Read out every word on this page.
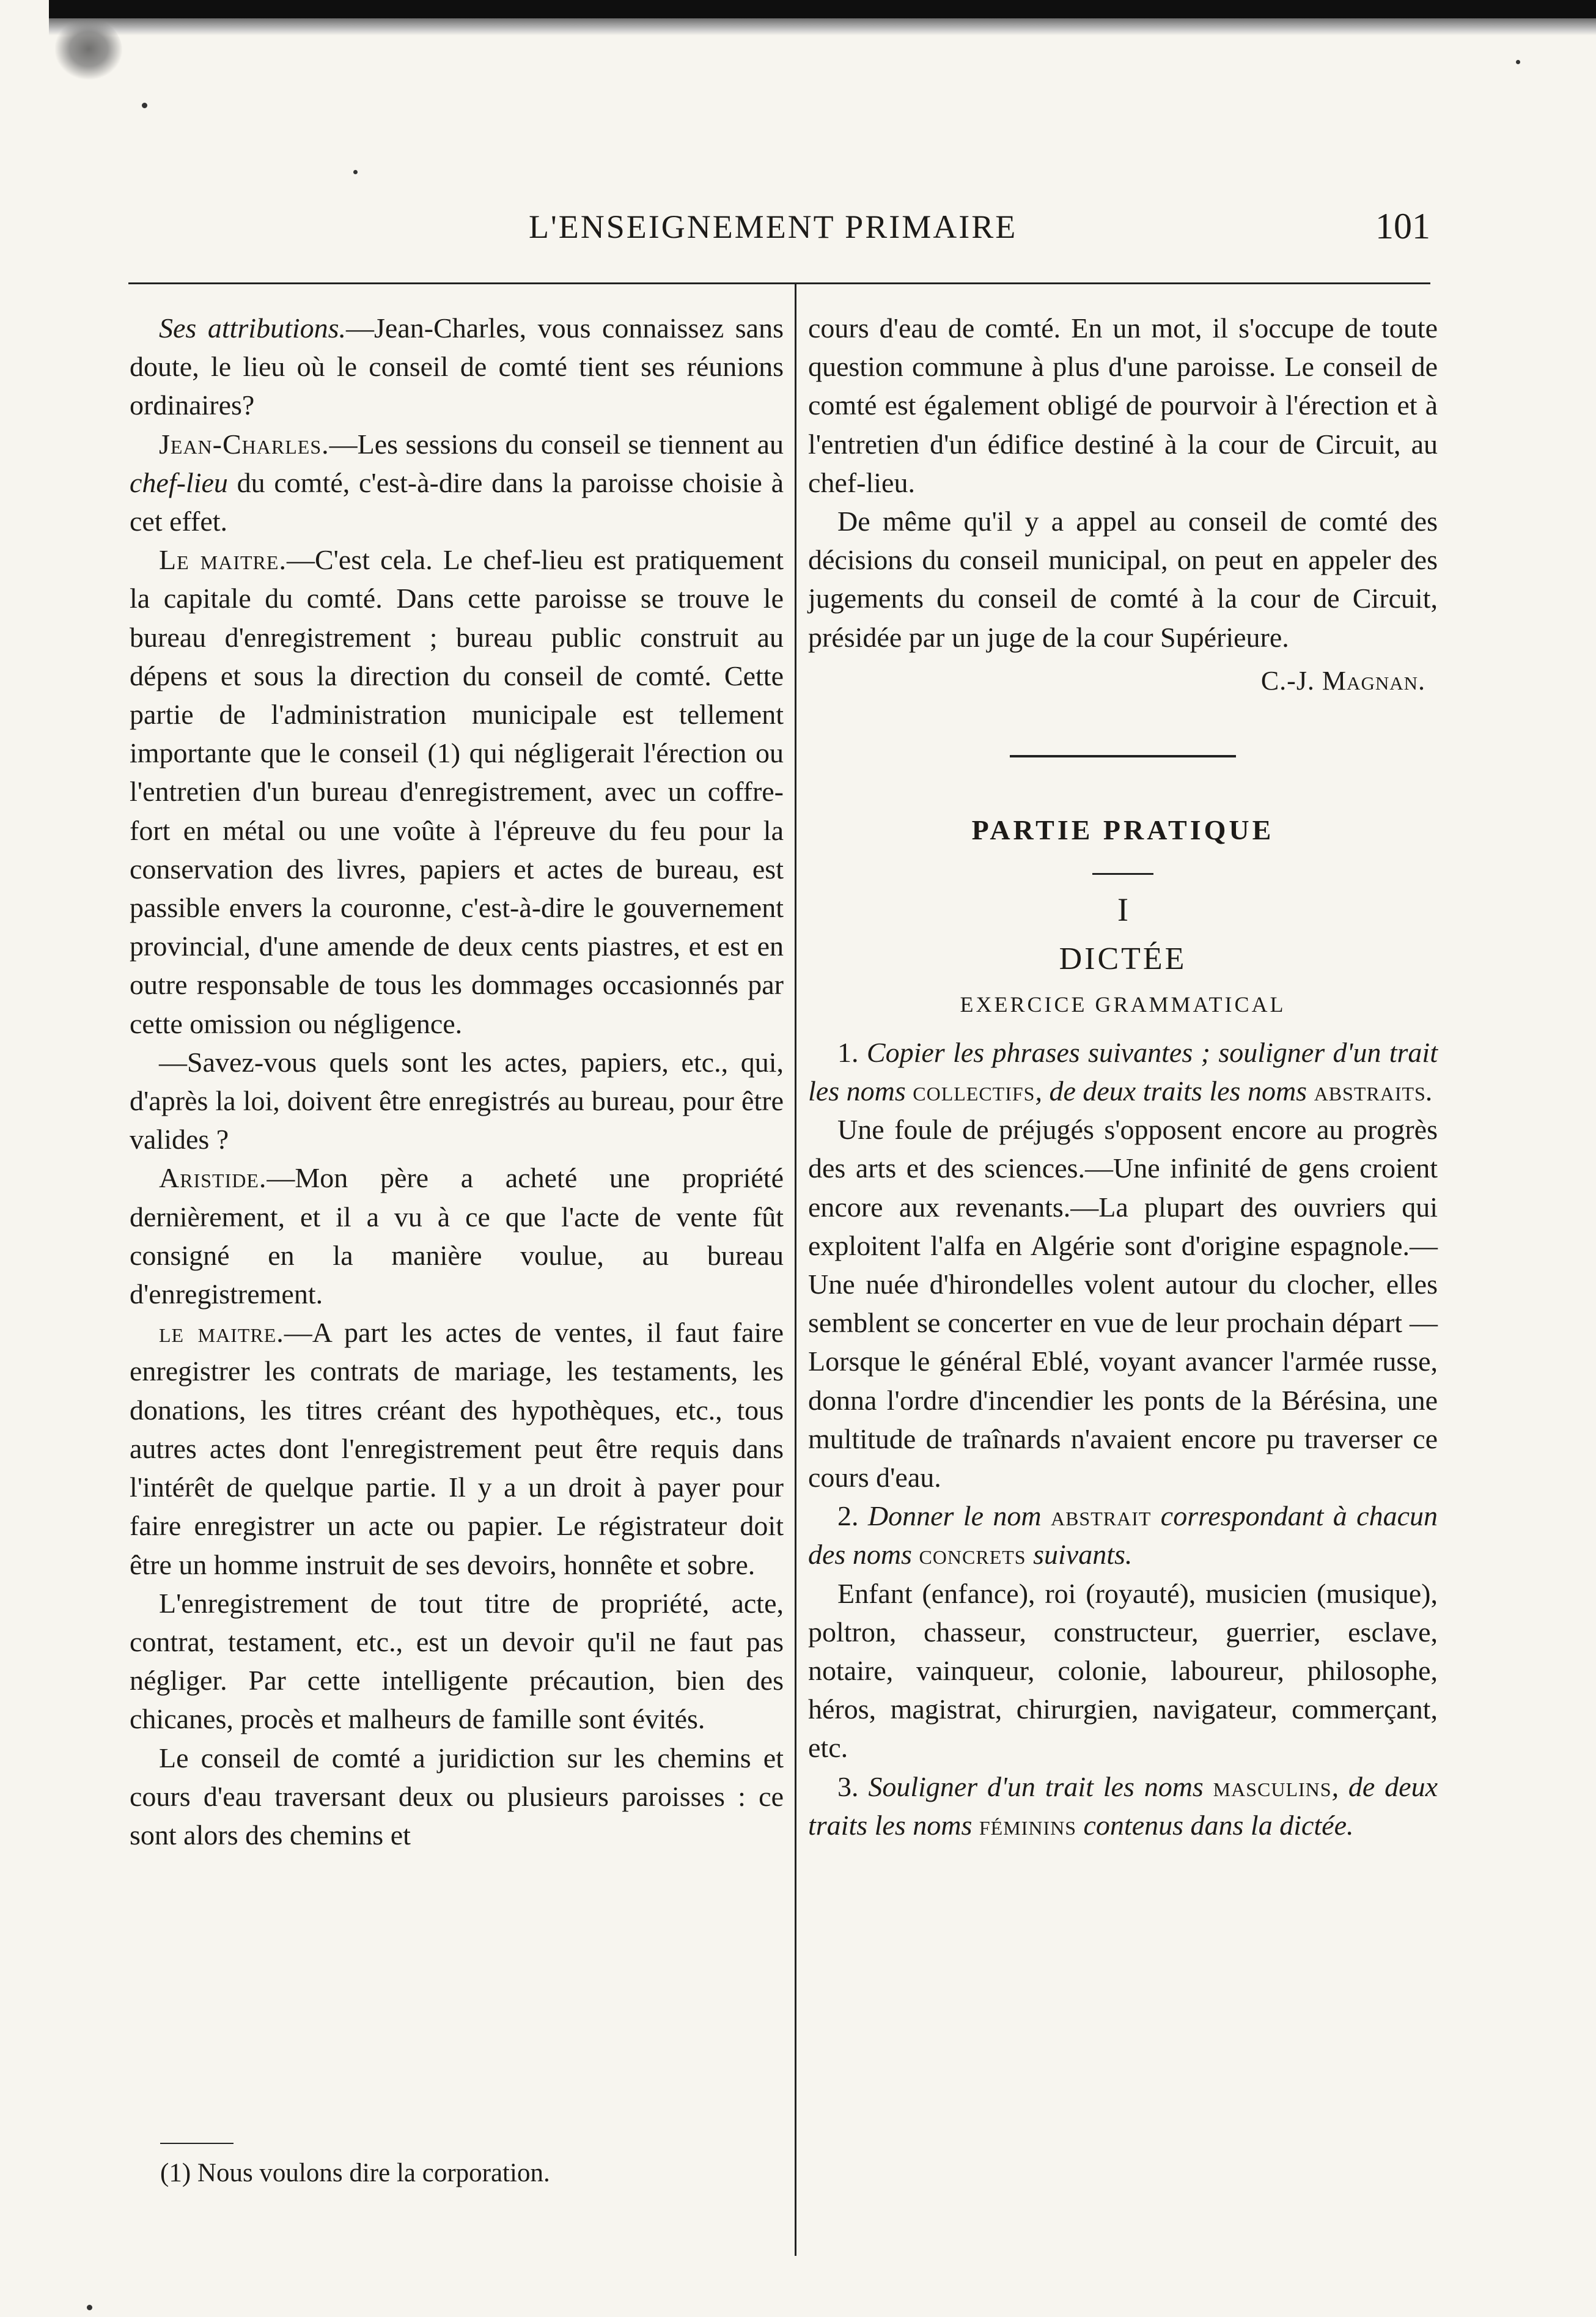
L'ENSEIGNEMENT PRIMAIRE	101

Ses attributions.—Jean-Charles, vous connaissez sans doute, le lieu où le conseil de comté tient ses réunions ordinaires?

Jean-Charles.—Les sessions du conseil se tiennent au chef-lieu du comté, c'est-à-dire dans la paroisse choisie à cet effet.

Le maitre.—C'est cela. Le chef-lieu est pratiquement la capitale du comté. Dans cette paroisse se trouve le bureau d'enregistrement ; bureau public construit au dépens et sous la direction du conseil de comté. Cette partie de l'administration municipale est tellement importante que le conseil (1) qui négligerait l'érection ou l'entretien d'un bureau d'enregistrement, avec un coffre-fort en métal ou une voûte à l'épreuve du feu pour la conservation des livres, papiers et actes de bureau, est passible envers la couronne, c'est-à-dire le gouvernement provincial, d'une amende de deux cents piastres, et est en outre responsable de tous les dommages occasionnés par cette omission ou négligence.

—Savez-vous quels sont les actes, papiers, etc., qui, d'après la loi, doivent être enregistrés au bureau, pour être valides ?

Aristide.—Mon père a acheté une propriété dernièrement, et il a vu à ce que l'acte de vente fût consigné en la manière voulue, au bureau d'enregistrement.

le maitre.—A part les actes de ventes, il faut faire enregistrer les contrats de mariage, les testaments, les donations, les titres créant des hypothèques, etc., tous autres actes dont l'enregistrement peut être requis dans l'intérêt de quelque partie. Il y a un droit à payer pour faire enregistrer un acte ou papier. Le régistrateur doit être un homme instruit de ses devoirs, honnête et sobre.

L'enregistrement de tout titre de propriété, acte, contrat, testament, etc., est un devoir qu'il ne faut pas négliger. Par cette intelligente précaution, bien des chicanes, procès et malheurs de famille sont évités.

Le conseil de comté a juridiction sur les chemins et cours d'eau traversant deux ou plusieurs paroisses : ce sont alors des chemins et

(1) Nous voulons dire la corporation.

cours d'eau de comté. En un mot, il s'occupe de toute question commune à plus d'une paroisse. Le conseil de comté est également obligé de pourvoir à l'érection et à l'entretien d'un édifice destiné à la cour de Circuit, au chef-lieu.

De même qu'il y a appel au conseil de comté des décisions du conseil municipal, on peut en appeler des jugements du conseil de comté à la cour de Circuit, présidée par un juge de la cour Supérieure.

C.-J. Magnan.
PARTIE PRATIQUE
I
DICTÉE
EXERCICE GRAMMATICAL

1. Copier les phrases suivantes ; souligner d'un trait les noms collectifs, de deux traits les noms abstraits.

Une foule de préjugés s'opposent encore au progrès des arts et des sciences.—Une infinité de gens croient encore aux revenants.—La plupart des ouvriers qui exploitent l'alfa en Algérie sont d'origine espagnole.—Une nuée d'hirondelles volent autour du clocher, elles semblent se concerter en vue de leur prochain départ —Lorsque le général Eblé, voyant avancer l'armée russe, donna l'ordre d'incendier les ponts de la Bérésina, une multitude de traînards n'avaient encore pu traverser ce cours d'eau.

2. Donner le nom abstrait correspondant à chacun des noms concrets suivants.

Enfant (enfance), roi (royauté), musicien (musique), poltron, chasseur, constructeur, guerrier, esclave, notaire, vainqueur, colonie, laboureur, philosophe, héros, magistrat, chirurgien, navigateur, commerçant, etc.

3. Souligner d'un trait les noms masculins, de deux traits les noms féminins contenus dans la dictée.
